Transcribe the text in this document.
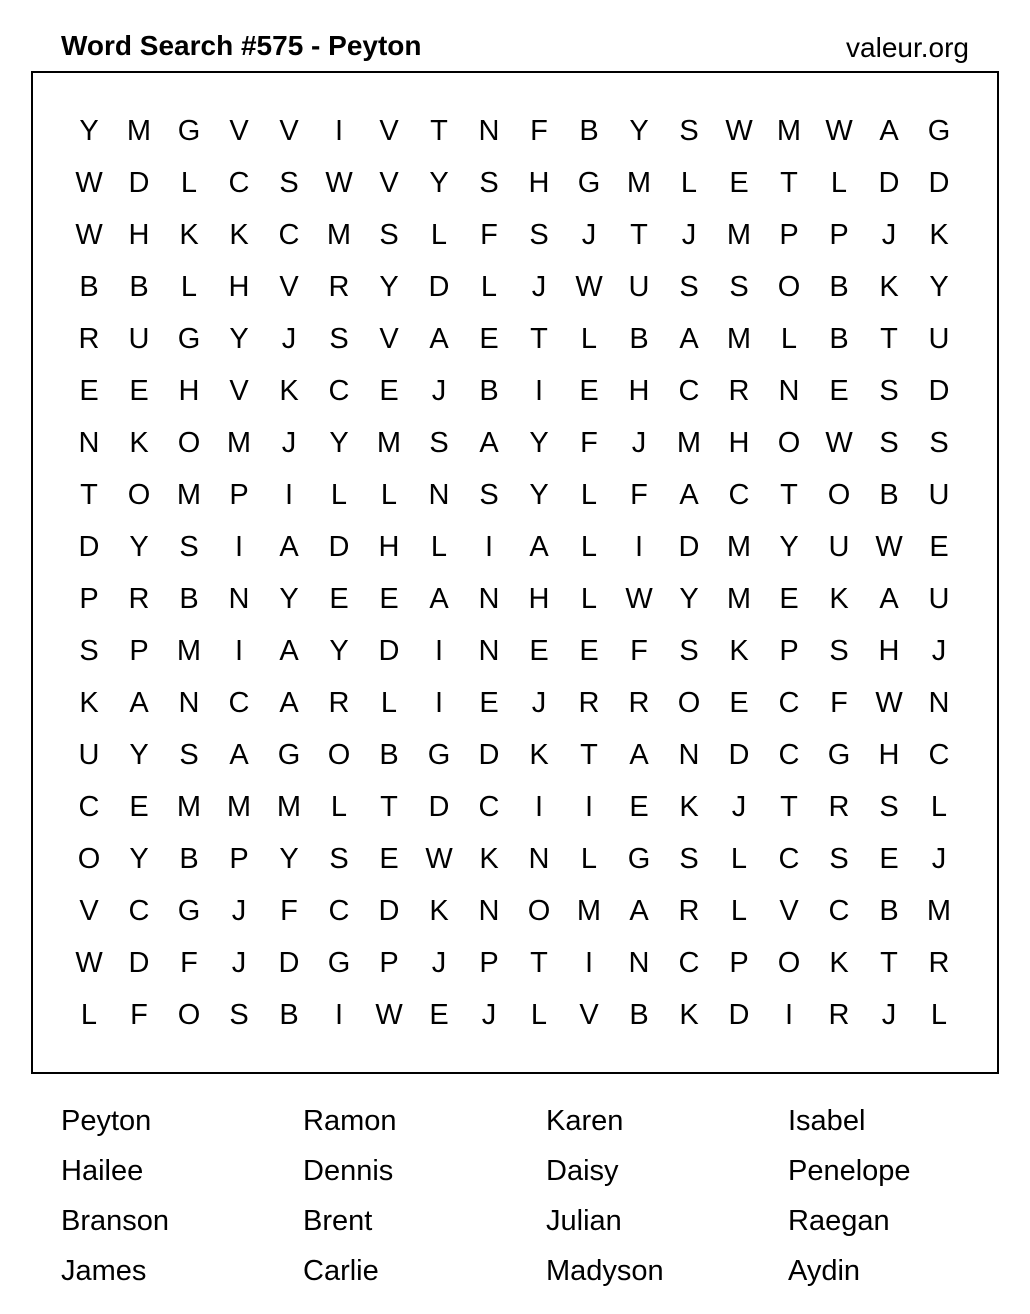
Word Search #575 - Peyton	valeur.org
Y M G	V	V	I	V	T	N	F	B	Y	S W M W A	G
W D	L	C	S W V	Y	S	H G M	L	E	T	L	D	D
W H	K	K	C M S	L	F	S	J	T	J	M P	P	J	K
B	B	L	H	V	R	Y	D	L	J	W U	S	S	O	B	K	Y
R	U G	Y	J	S	V	A	E	T	L	B	A M	L	B	T	U
E	E	H	V	K	C	E	J	B	I	E	H	C	R	N	E	S	D
N	K	O M	J	Y M S	A	Y	F	J	M H O W S	S
T	O M P	I	L	L	N	S	Y	L	F	A	C	T	O	B	U
D	Y	S	I	A	D	H	L	I	A	L	I	D M Y	U W E
P	R	B	N	Y	E	E	A	N	H	L W Y M E	K	A	U
S	P M	I	A	Y	D	I	N	E	E	F	S	K	P	S	H	J
K	A	N	C	A	R	L	I	E	J	R	R O	E	C	F W N
U	Y	S	A	G O	B	G D	K	T	A	N	D	C G H	C
C	E M M M	L	T	D	C	I	I	E	K	J	T	R	S	L
O	Y	B	P	Y	S	E W K	N	L	G	S	L	C	S	E	J
V	C G	J	F	C	D	K	N O M A	R	L	V	C	B M
W D	F	J	D G	P	J	P	T	I	N	C	P	O	K	T	R
L	F	O	S	B	I	W E	J	L	V	B	K	D	I	R	J	L
Peyton	Ramon	Karen	Isabel
Hailee	Dennis	Daisy	Penelope
Branson	Brent	Julian	Raegan
James	Carlie	Madyson	Aydin
